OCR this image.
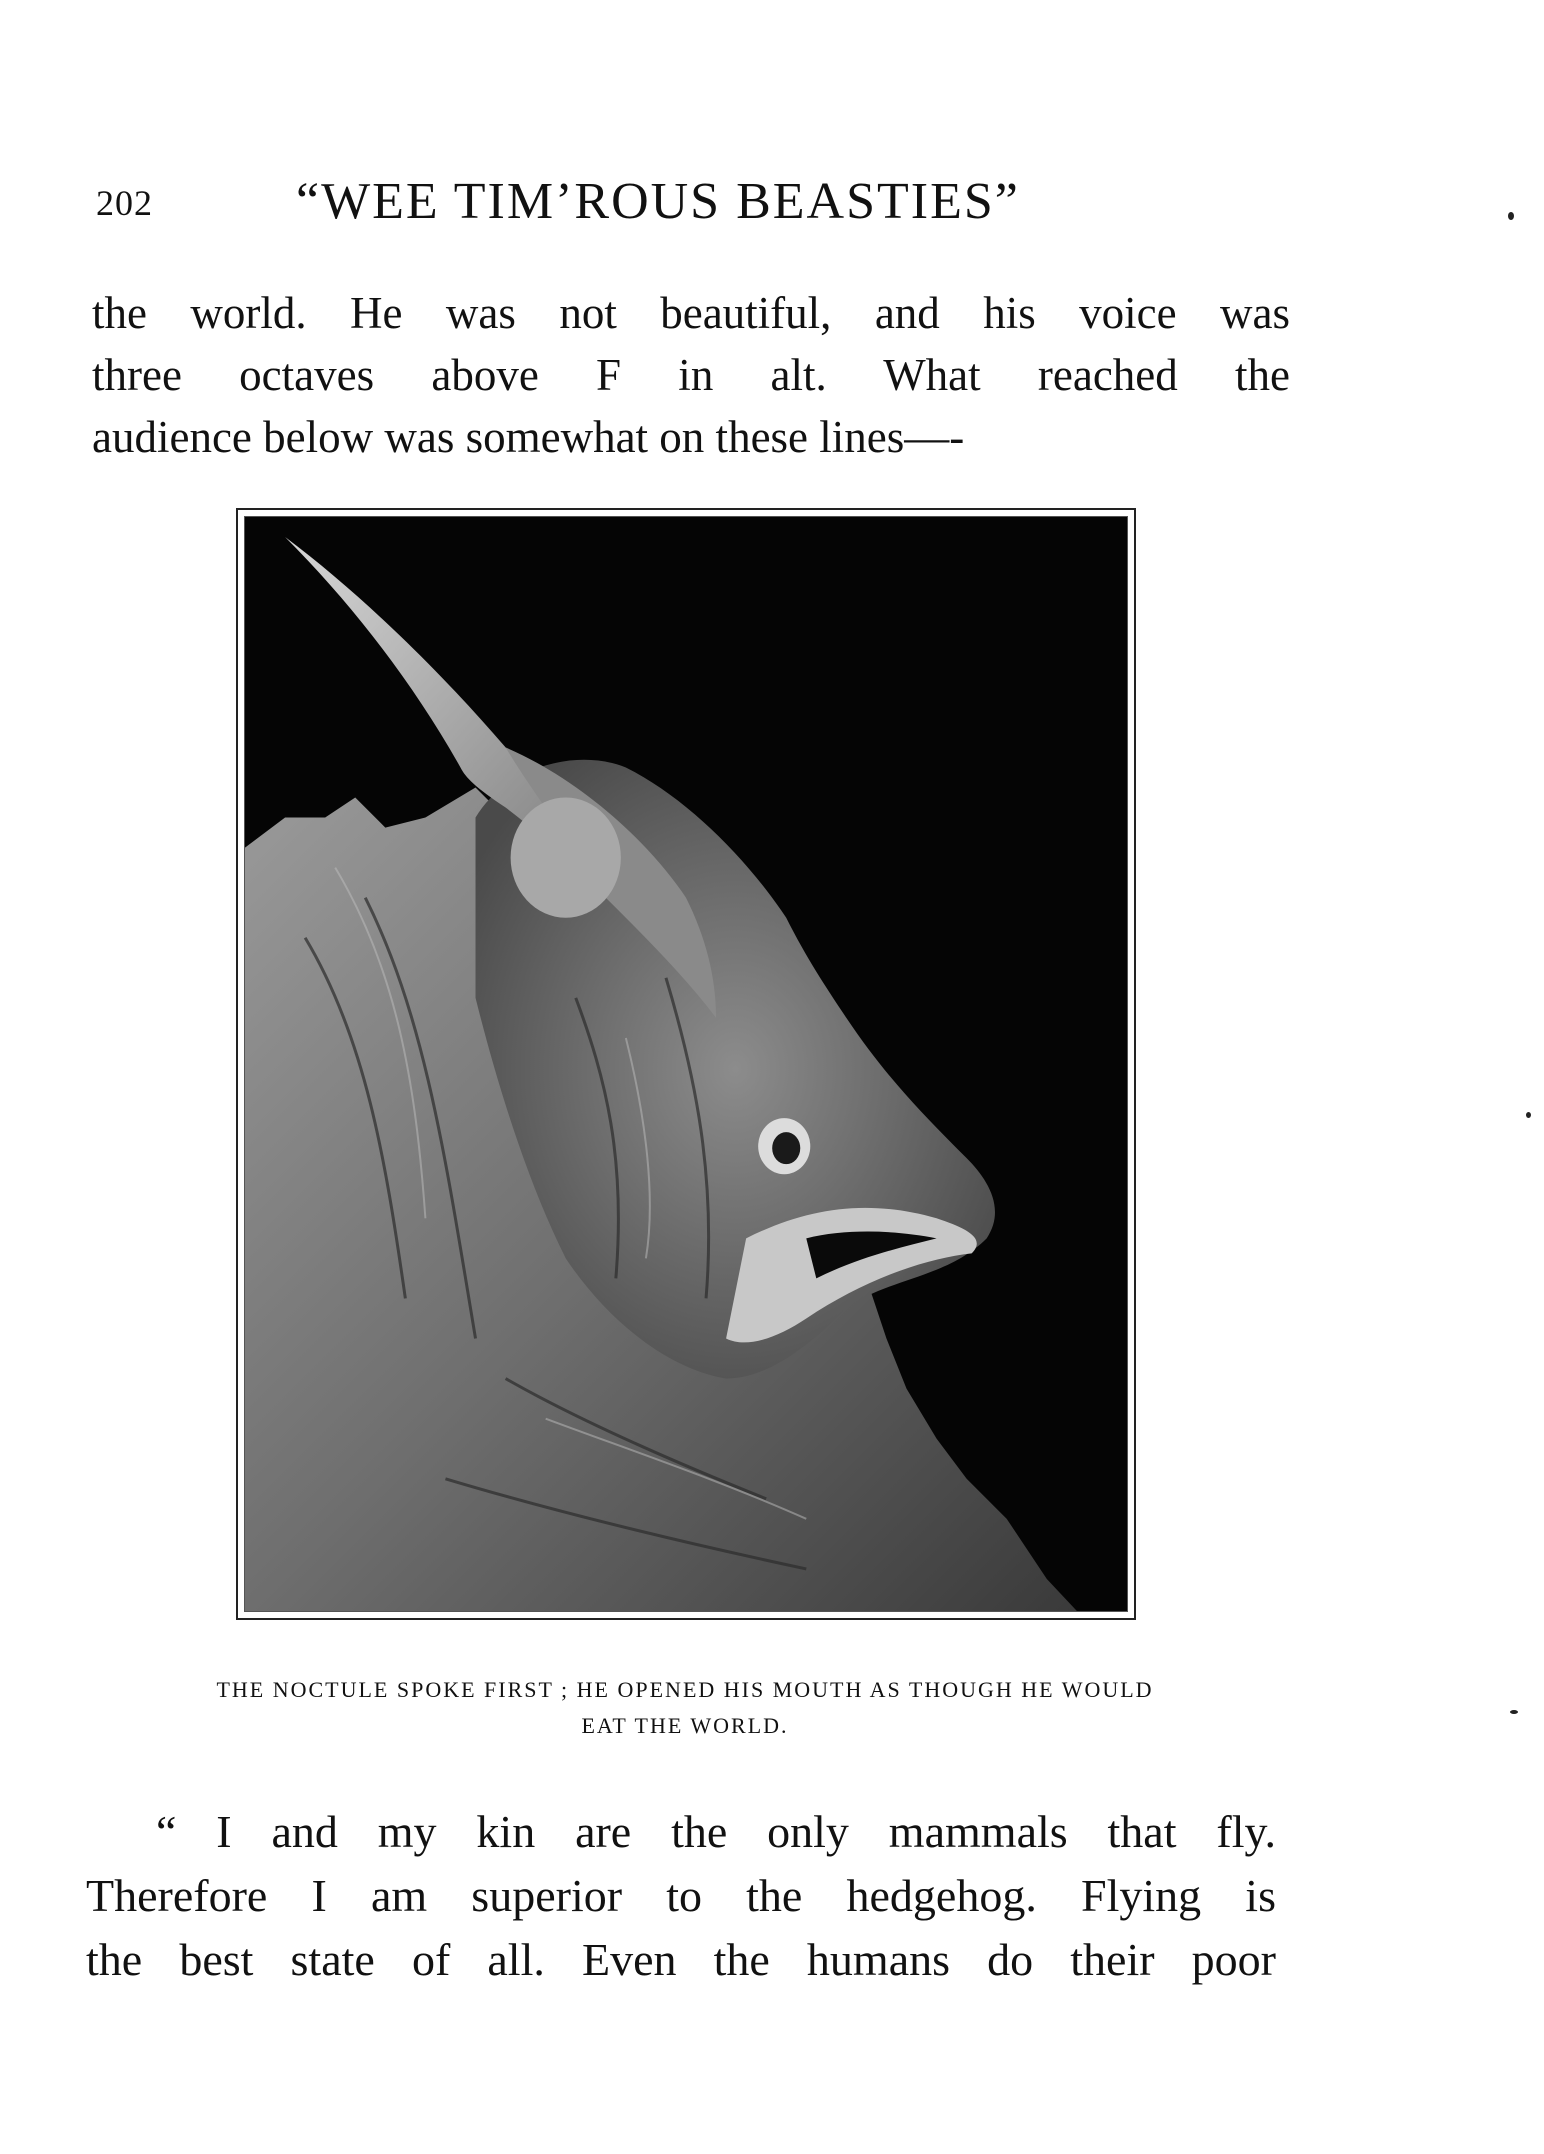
202	“WEE TIM’ROUS BEASTIES”
the world. He was not beautiful, and his voice was
three octaves above F in alt. What reached the
audience below was somewhat on these lines—-
THE NOCTULE SPOKE FIRST ; HE OPENED HIS MOUTH AS THOUGH HE WOULD
EAT THE WORLD.
“ I and my kin are the only mammals that fly.
Therefore I am superior to the hedgehog. Flying is
the best state of all. Even the humans do their poor
